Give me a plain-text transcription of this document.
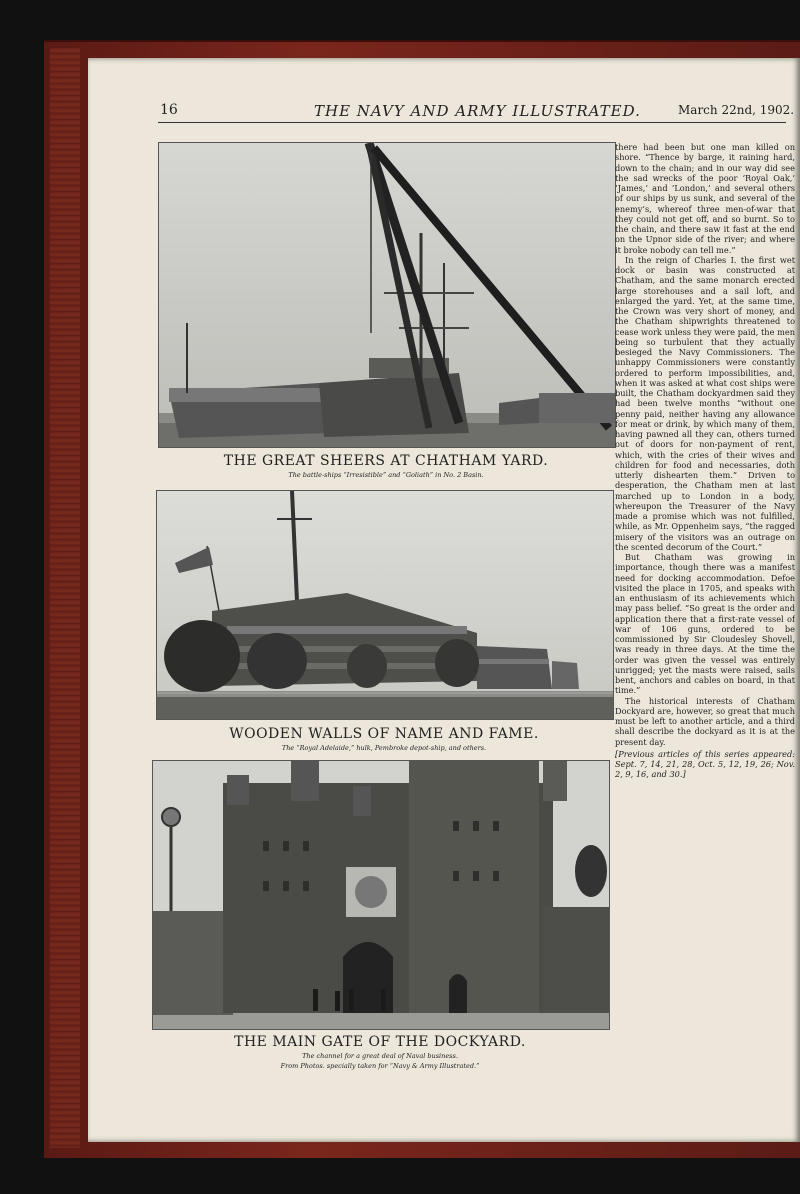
16	THE NAVY AND ARMY ILLUSTRATED.	March 22nd, 1902.
THE GREAT SHEERS AT CHATHAM YARD.
The battle-ships “Irresistible” and “Goliath” in No. 2 Basin.
WOODEN WALLS OF NAME AND FAME.
The “Royal Adelaide,” hulk, Pembroke depot-ship, and others.
THE MAIN GATE OF THE DOCKYARD.
The channel for a great deal of Naval business.
From Photos. specially taken for “Navy & Army Illustrated.”

there had been but one man killed on shore. “Thence by barge, it raining hard, down to the chain; and in our way did see the sad wrecks of the poor ‘Royal Oak,’ ‘James,’ and ‘London,’ and several others of our ships by us sunk, and several of the enemy’s, whereof three men-of-war that they could not get off, and so burnt. So to the chain, and there saw it fast at the end on the Upnor side of the river; and where it broke nobody can tell me.”

In the reign of Charles I. the first wet dock or basin was constructed at Chatham, and the same monarch erected large storehouses and a sail loft, and enlarged the yard. Yet, at the same time, the Crown was very short of money, and the Chatham shipwrights threatened to cease work unless they were paid, the men being so turbulent that they actually besieged the Navy Commissioners. The unhappy Commissioners were constantly ordered to perform impossibilities, and, when it was asked at what cost ships were built, the Chatham dockyardmen said they had been twelve months “without one penny paid, neither having any allowance for meat or drink, by which many of them, having pawned all they can, others turned out of doors for non-payment of rent, which, with the cries of their wives and children for food and necessaries, doth utterly dishearten them.” Driven to desperation, the Chatham men at last marched up to London in a body, whereupon the Treasurer of the Navy made a promise which was not fulfilled, while, as Mr. Oppenheim says, “the ragged misery of the visitors was an outrage on the scented decorum of the Court.”

But Chatham was growing in importance, though there was a manifest need for docking accommodation. Defoe visited the place in 1705, and speaks with an enthusiasm of its achievements which may pass belief. “So great is the order and application there that a first-rate vessel of war of 106 guns, ordered to be commissioned by Sir Cloudesley Shovell, was ready in three days. At the time the order was given the vessel was entirely unrigged; yet the masts were raised, sails bent, anchors and cables on board, in that time.”

The historical interests of Chatham Dockyard are, however, so great that much must be left to another article, and a third shall describe the dockyard as it is at the present day.

[Previous articles of this series appeared: Sept. 7, 14, 21, 28, Oct. 5, 12, 19, 26; Nov. 2, 9, 16, and 30.]
